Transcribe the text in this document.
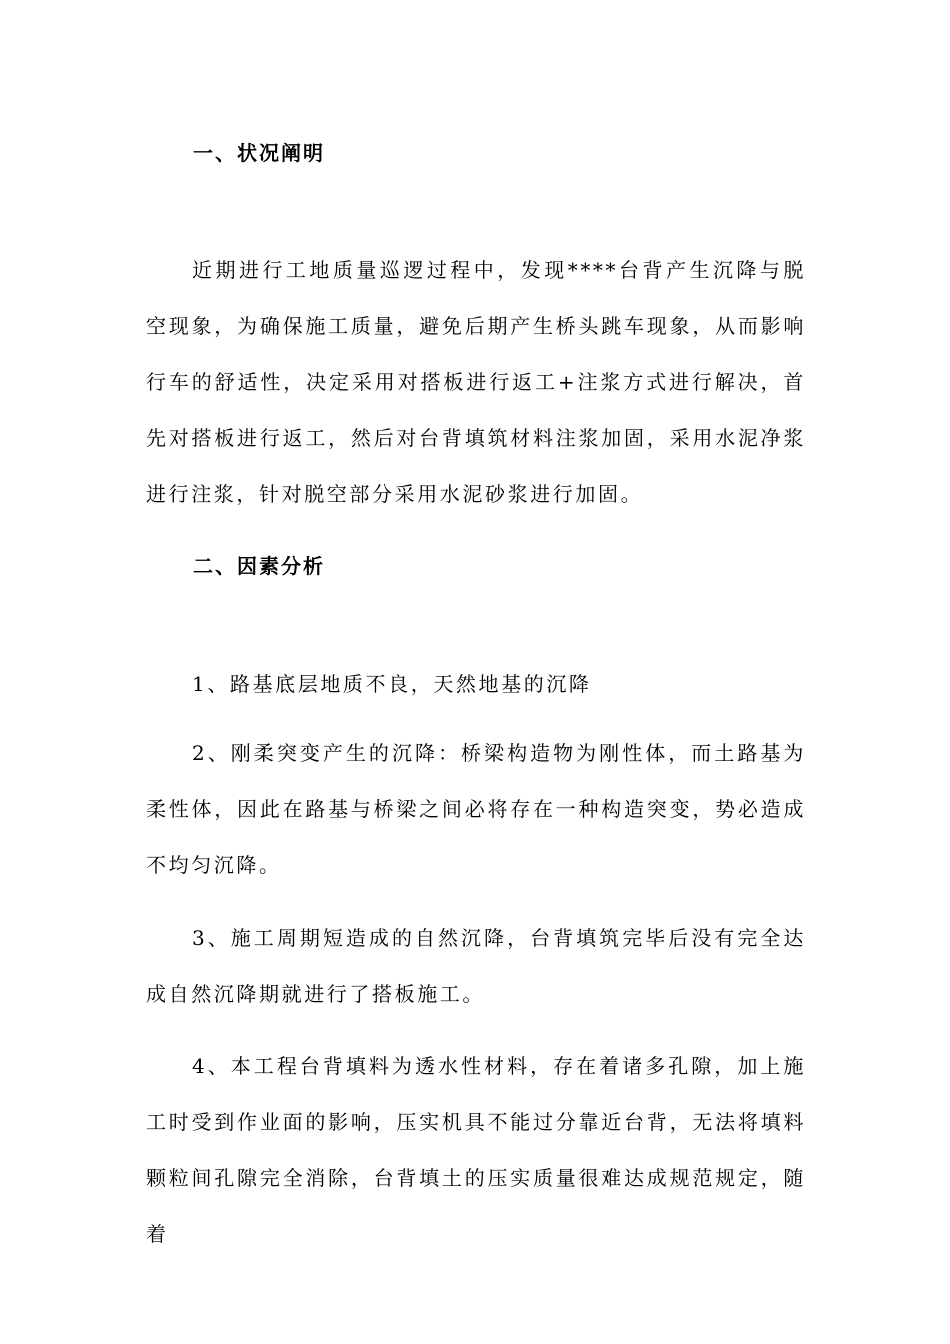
一、状况阐明

近期进行工地质量巡逻过程中，发现****台背产生沉降与脱空现象，为确保施工质量，避免后期产生桥头跳车现象，从而影响行车的舒适性，决定采用对搭板进行返工+注浆方式进行解决，首先对搭板进行返工，然后对台背填筑材料注浆加固，采用水泥净浆进行注浆，针对脱空部分采用水泥砂浆进行加固。

二、因素分析

1、路基底层地质不良，天然地基的沉降

2、刚柔突变产生的沉降：桥梁构造物为刚性体，而土路基为柔性体，因此在路基与桥梁之间必将存在一种构造突变，势必造成不均匀沉降。

3、施工周期短造成的自然沉降，台背填筑完毕后没有完全达成自然沉降期就进行了搭板施工。

4、本工程台背填料为透水性材料，存在着诸多孔隙，加上施工时受到作业面的影响，压实机具不能过分靠近台背，无法将填料颗粒间孔隙完全消除，台背填土的压实质量很难达成规范规定，随着
